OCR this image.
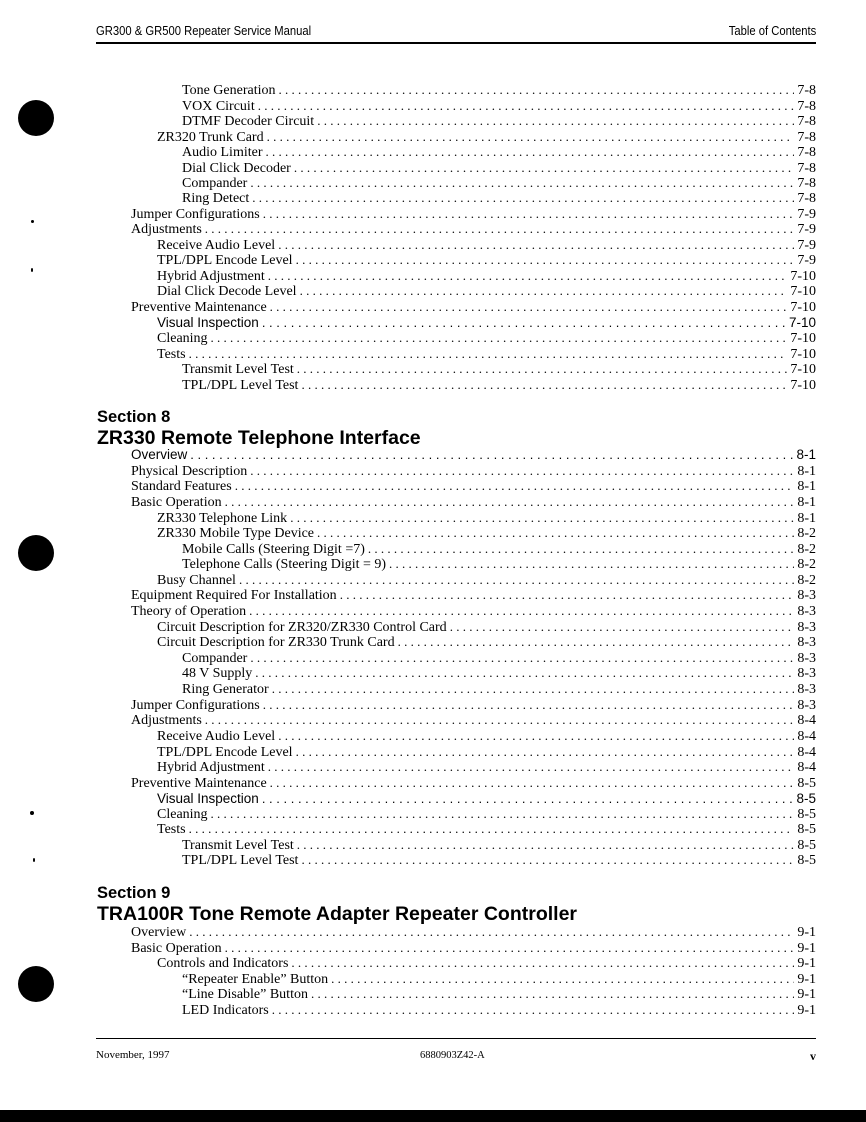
GR300 & GR500 Repeater Service Manual	Table of Contents
Tone Generation . . .	7-8
VOX Circuit . . .	7-8
DTMF Decoder Circuit . . .	7-8
ZR320 Trunk Card . . .	7-8
Audio Limiter . . .	7-8
Dial Click Decoder . . .	7-8
Compander . . .	7-8
Ring Detect . . .	7-8
Jumper Configurations . . .	7-9
Adjustments . . .	7-9
Receive Audio Level . . .	7-9
TPL/DPL Encode Level . . .	7-9
Hybrid Adjustment . . .	7-10
Dial Click Decode Level . . .	7-10
Preventive Maintenance . . .	7-10
Visual Inspection . . .	7-10
Cleaning . . .	7-10
Tests . . .	7-10
Transmit Level Test . . .	7-10
TPL/DPL Level Test . . .	7-10
Section 8
ZR330 Remote Telephone Interface
Overview . . .	8-1
Physical Description . . .	8-1
Standard Features . . .	8-1
Basic Operation . . .	8-1
ZR330 Telephone Link . . .	8-1
ZR330 Mobile Type Device . . .	8-2
Mobile Calls (Steering Digit =7) . . .	8-2
Telephone Calls (Steering Digit = 9) . . .	8-2
Busy Channel . . .	8-2
Equipment Required For Installation . . .	8-3
Theory of Operation . . .	8-3
Circuit Description for ZR320/ZR330 Control Card . . .	8-3
Circuit Description for ZR330 Trunk Card . . .	8-3
Compander . . .	8-3
48 V Supply . . .	8-3
Ring Generator . . .	8-3
Jumper Configurations . . .	8-3
Adjustments . . .	8-4
Receive Audio Level . . .	8-4
TPL/DPL Encode Level . . .	8-4
Hybrid Adjustment . . .	8-4
Preventive Maintenance . . .	8-5
Visual Inspection . . .	8-5
Cleaning . . .	8-5
Tests . . .	8-5
Transmit Level Test . . .	8-5
TPL/DPL Level Test . . .	8-5
Section 9
TRA100R Tone Remote Adapter Repeater Controller
Overview . . .	9-1
Basic Operation . . .	9-1
Controls and Indicators . . .	9-1
“Repeater Enable” Button . . .	9-1
“Line Disable” Button . . .	9-1
LED Indicators . . .	9-1
November, 1997	6880903Z42-A	v
